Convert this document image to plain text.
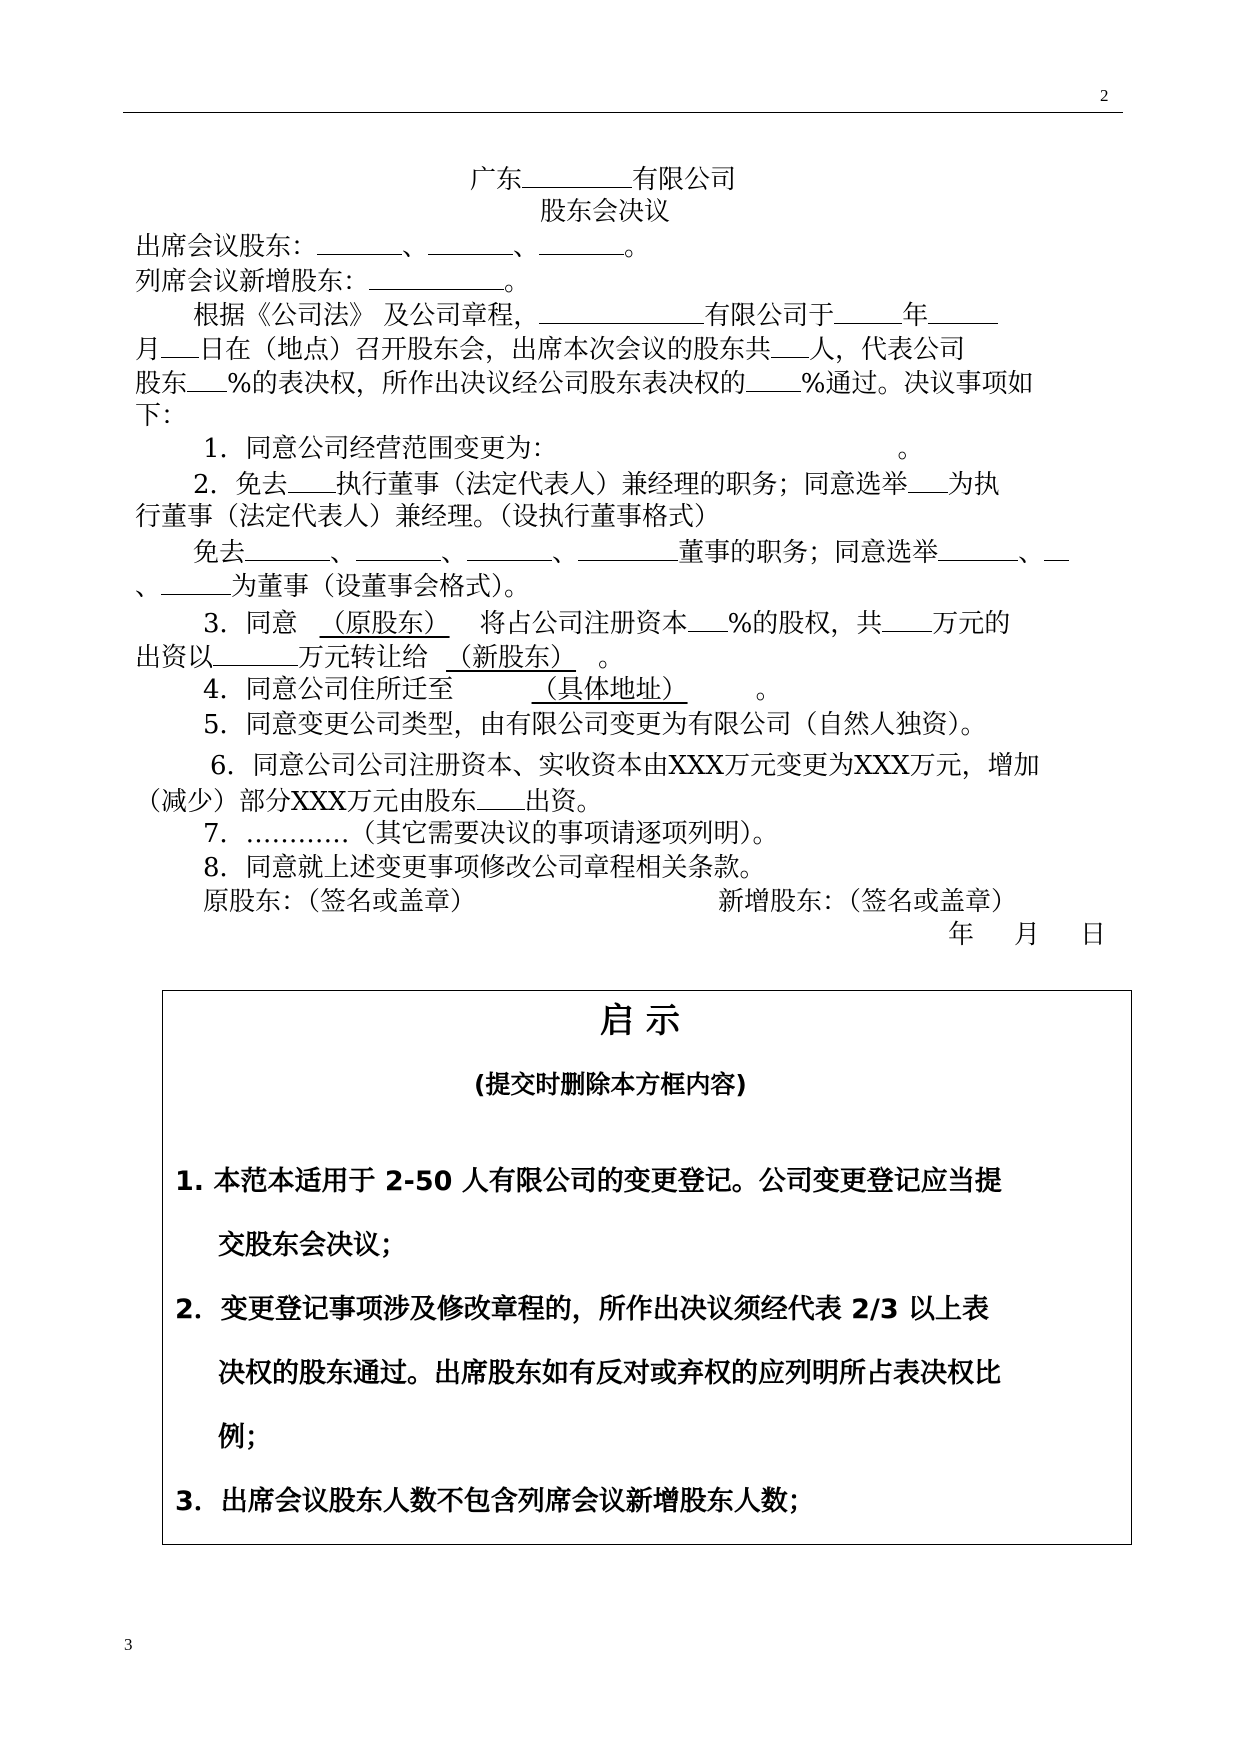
2
广东	有限公司
股东会决议
出席会议股东：	、	、	。
列席会议新增股东：	。
根据《公司法》 及公司章程，	有限公司于	年
月 日在（地点）召开股东会，出席本次会议的股东共 人，代表公司
股东 %的表决权，所作出决议经公司股东表决权的 %通过。决议事项如
下：
1．同意公司经营范围变更为：	。
2．免去 执行董事（法定代表人）兼经理的职务；同意选举 为执
行董事（法定代表人）兼经理。（设执行董事格式）
免去	、	、	、	董事的职务；同意选举	、
、	为董事（设董事会格式）。
3．同意 （原股东） 将占公司注册资本 %的股权，共 万元的
出资以	万元转让给 （新股东） 。
4．同意公司住所迁至	（具体地址）	。
5．同意变更公司类型，由有限公司变更为有限公司（自然人独资）。
6．同意公司公司注册资本、实收资本由XXX万元变更为XXX万元，增加
（减少）部分XXX万元由股东 出资。
7．…………（其它需要决议的事项请逐项列明）。
8．同意就上述变更事项修改公司章程相关条款。
原股东：（签名或盖章）	新增股东：（签名或盖章）
年 月 日
启 示
(提交时删除本方框内容)
1. 本范本适用于 2-50 人有限公司的变更登记。公司变更登记应当提
交股东会决议；
2．变更登记事项涉及修改章程的，所作出决议须经代表 2/3 以上表
决权的股东通过。出席股东如有反对或弃权的应列明所占表决权比
例；
3．出席会议股东人数不包含列席会议新增股东人数；
3
